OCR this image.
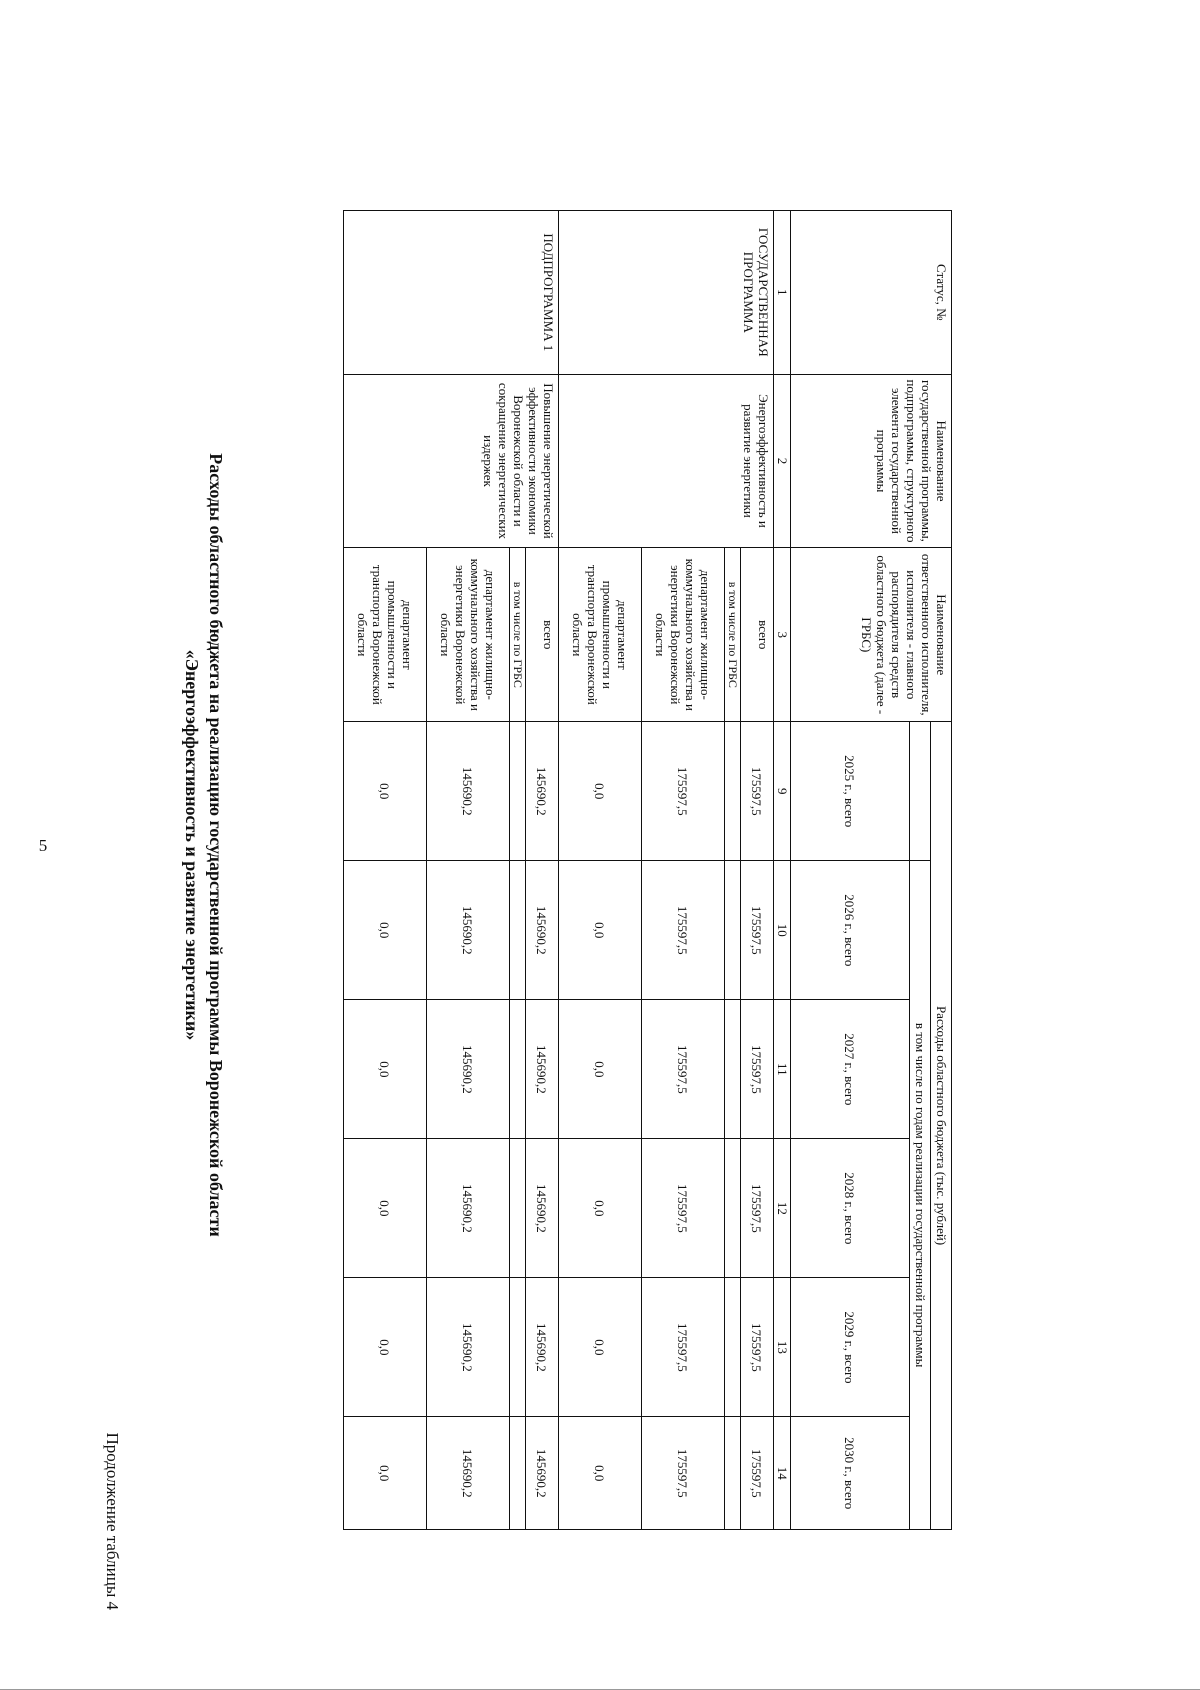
5
Продолжение таблицы 4
Расходы областного бюджета на реализацию государственной программы Воронежской области
«Энергоэффективность и развитие энергетики»
Статус, №	Наименование государственной программы, подпрограммы, структурного элемента государственной программы	Наименование ответственного исполнителя, исполнителя - главного распорядителя средств областного бюджета (далее - ГРБС)	Расходы областного бюджета (тыс. рублей)					
				в том числе по годам реализации государственной программы				
			2025 г., всего	2026 г., всего	2027 г., всего	2028 г., всего	2029 г., всего	2030 г., всего
1	2	3	9	10	11	12	13	14
ГОСУДАРСТВЕННАЯ ПРОГРАММА	Энергоэффективность и развитие энергетики	всего	175597,5	175597,5	175597,5	175597,5	175597,5	175597,5
		в том числе по ГРБС						
		департамент жилищно-коммунального хозяйства и энергетики Воронежской области	175597,5	175597,5	175597,5	175597,5	175597,5	175597,5
		департамент промышленности и транспорта Воронежской области	0,0	0,0	0,0	0,0	0,0	0,0
ПОДПРОГРАММА 1	Повышение энергетической эффективности экономики Воронежской области и сокращение энергетических издержек	всего	145690,2	145690,2	145690,2	145690,2	145690,2	145690,2
		в том числе по ГРБС						
		департамент жилищно-коммунального хозяйства и энергетики Воронежской области	145690,2	145690,2	145690,2	145690,2	145690,2	145690,2
		департамент промышленности и транспорта Воронежской области	0,0	0,0	0,0	0,0	0,0	0,0
